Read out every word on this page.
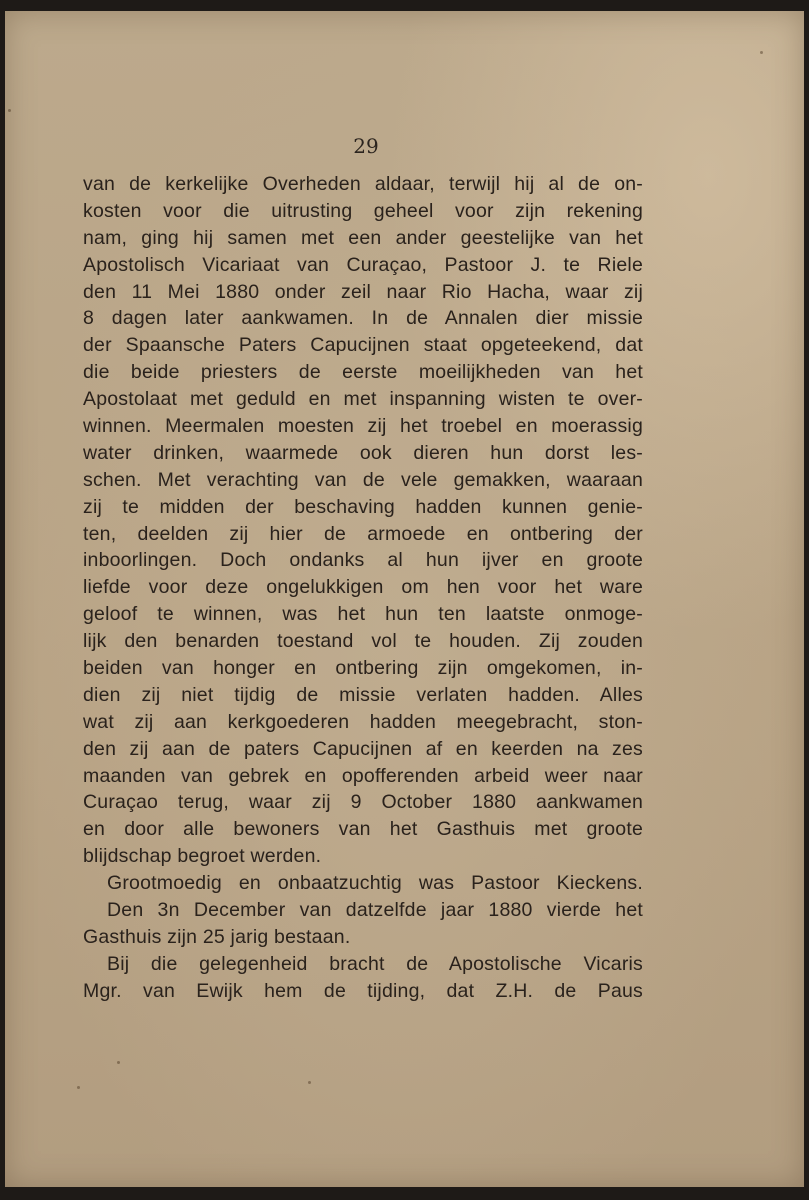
29
van de kerkelijke Overheden aldaar, terwijl hij al de on-
kosten voor die uitrusting geheel voor zijn rekening
nam, ging hij samen met een ander geestelijke van het
Apostolisch Vicariaat van Curaçao, Pastoor J. te Riele
den 11 Mei 1880 onder zeil naar Rio Hacha, waar zij
8 dagen later aankwamen. In de Annalen dier missie
der Spaansche Paters Capucijnen staat opgeteekend, dat
die beide priesters de eerste moeilijkheden van het
Apostolaat met geduld en met inspanning wisten te over-
winnen. Meermalen moesten zij het troebel en moerassig
water drinken, waarmede ook dieren hun dorst les-
schen. Met verachting van de vele gemakken, waaraan
zij te midden der beschaving hadden kunnen genie-
ten, deelden zij hier de armoede en ontbering der
inboorlingen. Doch ondanks al hun ijver en groote
liefde voor deze ongelukkigen om hen voor het ware
geloof te winnen, was het hun ten laatste onmoge-
lijk den benarden toestand vol te houden. Zij zouden
beiden van honger en ontbering zijn omgekomen, in-
dien zij niet tijdig de missie verlaten hadden. Alles
wat zij aan kerkgoederen hadden meegebracht, ston-
den zij aan de paters Capucijnen af en keerden na zes
maanden van gebrek en opofferenden arbeid weer naar
Curaçao terug, waar zij 9 October 1880 aankwamen
en door alle bewoners van het Gasthuis met groote
blijdschap begroet werden.
Grootmoedig en onbaatzuchtig was Pastoor Kieckens.
Den 3n December van datzelfde jaar 1880 vierde het
Gasthuis zijn 25 jarig bestaan.
Bij die gelegenheid bracht de Apostolische Vicaris
Mgr. van Ewijk hem de tijding, dat Z.H. de Paus
